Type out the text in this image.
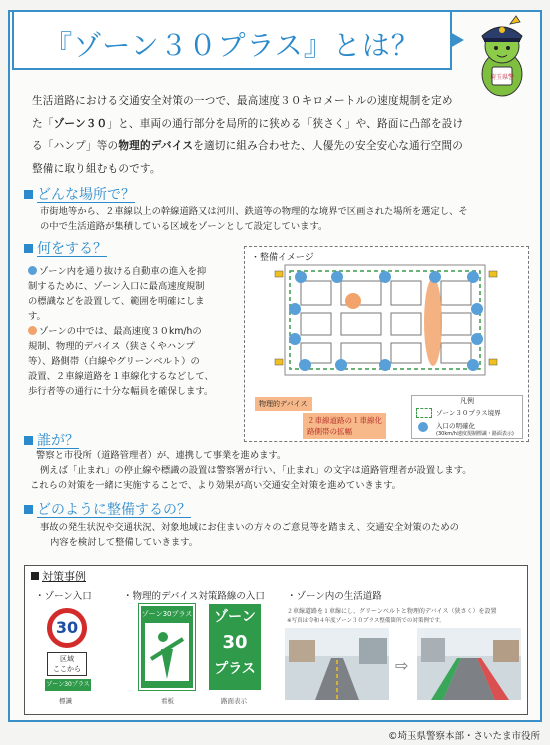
『ゾーン３０プラス』とは？
埼玉県警
生活道路における交通安全対策の一つで、最高速度３０キロメートルの速度規制を定め
た「ゾーン３０」と、車両の通行部分を局所的に狭める「狭さく」や、路面に凸部を設け
る「ハンプ」等の物理的デバイスを適切に組み合わせた、人優先の安全安心な通行空間の
整備に取り組むものです。
どんな場所で？
市街地等から、２車線以上の幹線道路又は河川、鉄道等の物理的な境界で区画された場所を選定し、そ
の中で生活道路が集積している区域をゾーンとして設定しています。
何をする？
ゾーン内を通り抜ける自動車の進入を抑
制するために、ゾーン入口に最高速度規制
の標識などを設置して、範囲を明確にしま
す。
ゾーンの中では、最高速度３０km/hの
規制、物理的デバイス（狭さくやハンプ
等）、路側帯（白線やグリーンベルト）の
設置、２車線道路を１車線化するなどして、
歩行者等の通行に十分な幅員を確保します。
・整備イメージ
物理的デバイス
２車線道路の１車線化
路側帯の拡幅
凡例
ゾーン３０プラス境界
入口の明確化
(30km/h速度規制標識・路面表示)
誰が？
警察と市役所（道路管理者）が、連携して事業を進めます。
例えば「止まれ」の停止線や標識の設置は警察署が行い、「止まれ」の文字は道路管理者が設置します。
これらの対策を一緒に実施することで、より効果が高い交通安全対策を進めていきます。
どのように整備するの？
事故の発生状況や交通状況、対象地域にお住まいの方々のご意見等を踏まえ、交通安全対策のための
内容を検討して整備していきます。
対策事例
・ゾーン入口	・物理的デバイス対策路線の入口 ・ゾーン内の生活道路
30
区域
ここから
ゾーン30プラス
標識
ゾーン30プラス
看板
ゾーン
30
プラス
路面表示
２車線道路を１車線にし、グリーンベルトと物理的デバイス（狭さく）を設置
※写真は令和４年度ゾーン３０プラス整備箇所での対策例です。
⇨
©埼玉県警察本部・さいたま市役所
